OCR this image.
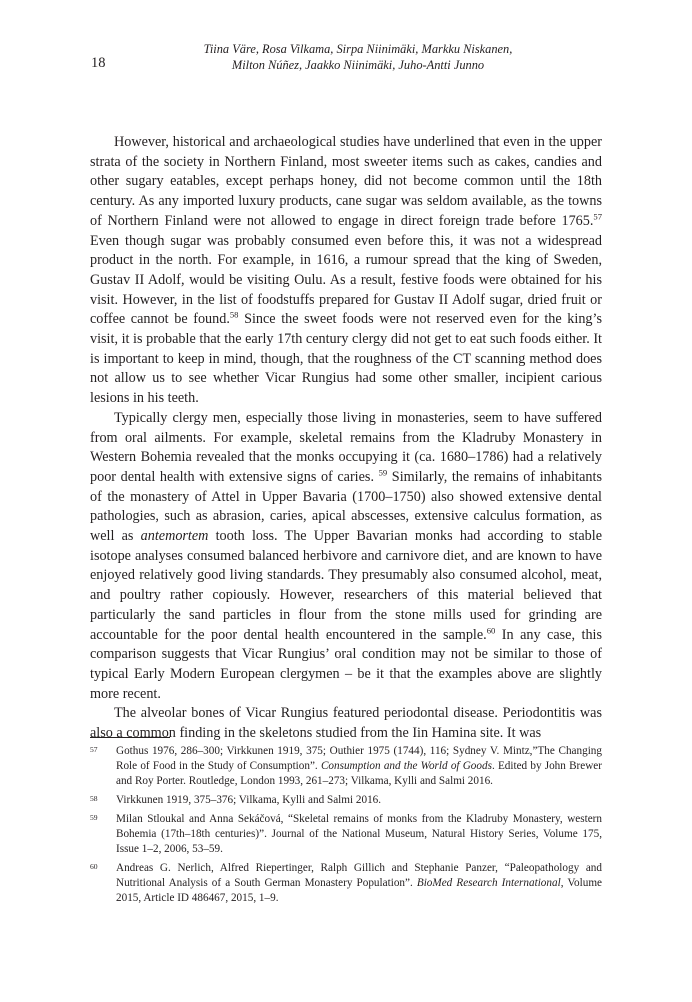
18
Tiina Väre, Rosa Vilkama, Sirpa Niinimäki, Markku Niskanen,
Milton Núñez, Jaakko Niinimäki, Juho-Antti Junno

However, historical and archaeological studies have underlined that even in the upper strata of the society in Northern Finland, most sweeter items such as cakes, candies and other sugary eatables, except perhaps honey, did not become common until the 18th century. As any imported luxury products, cane sugar was seldom available, as the towns of Northern Finland were not allowed to engage in direct foreign trade before 1765.57 Even though sugar was probably consumed even before this, it was not a widespread product in the north. For example, in 1616, a rumour spread that the king of Sweden, Gustav II Adolf, would be visiting Oulu. As a result, festive foods were obtained for his visit. However, in the list of foodstuffs prepared for Gustav II Adolf sugar, dried fruit or coffee cannot be found.$^{58}$ Since the sweet foods were not reserved even for the king’s visit, it is probable that the early 17th century clergy did not get to eat such foods either. It is important to keep in mind, though, that the roughness of the CT scanning method does not allow us to see whether Vicar Rungius had some other smaller, incipient carious lesions in his teeth.

Typically clergy men, especially those living in monasteries, seem to have suffered from oral ailments. For example, skeletal remains from the Kladruby Monastery in Western Bohemia revealed that the monks occupying it (ca. 1680–1786) had a relatively poor dental health with extensive signs of caries. $^{59}$ Similarly, the remains of inhabitants of the monastery of Attel in Upper Bavaria (1700–1750) also showed extensive dental pathologies, such as abrasion, caries, apical abscesses, extensive calculus formation, as well as antemortem tooth loss. The Upper Bavarian monks had according to stable isotope analyses consumed balanced herbivore and carnivore diet, and are known to have enjoyed relatively good living standards. They presumably also consumed alcohol, meat, and poultry rather copiously. However, researchers of this material believed that particularly the sand particles in flour from the stone mills used for grinding are accountable for the poor dental health encountered in the sample.$^{60}$ In any case, this comparison suggests that Vicar Rungius’ oral condition may not be similar to those of typical Early Modern European clergymen – be it that the examples above are slightly more recent.

The alveolar bones of Vicar Rungius featured periodontal disease. Periodontitis was also a common finding in the skeletons studied from the Iin Hamina site. It was

57 Gothus 1976, 286–300; Virkkunen 1919, 375; Outhier 1975 (1744), 116; Sydney V. Mintz,”The Changing Role of Food in the Study of Consumption”. Consumption and the World of Goods. Edited by John Brewer and Roy Porter. Routledge, London 1993, 261–273; Vilkama, Kylli and Salmi 2016.
58 Virkkunen 1919, 375–376; Vilkama, Kylli and Salmi 2016.
59 Milan Stloukal and Anna Sekáčová, “Skeletal remains of monks from the Kladruby Monastery, western Bohemia (17th–18th centuries)”. Journal of the National Museum, Natural History Series, Volume 175, Issue 1–2, 2006, 53–59.
60 Andreas G. Nerlich, Alfred Riepertinger, Ralph Gillich and Stephanie Panzer, “Paleopathology and Nutritional Analysis of a South German Monastery Population”. BioMed Research International, Volume 2015, Article ID 486467, 2015, 1–9.
